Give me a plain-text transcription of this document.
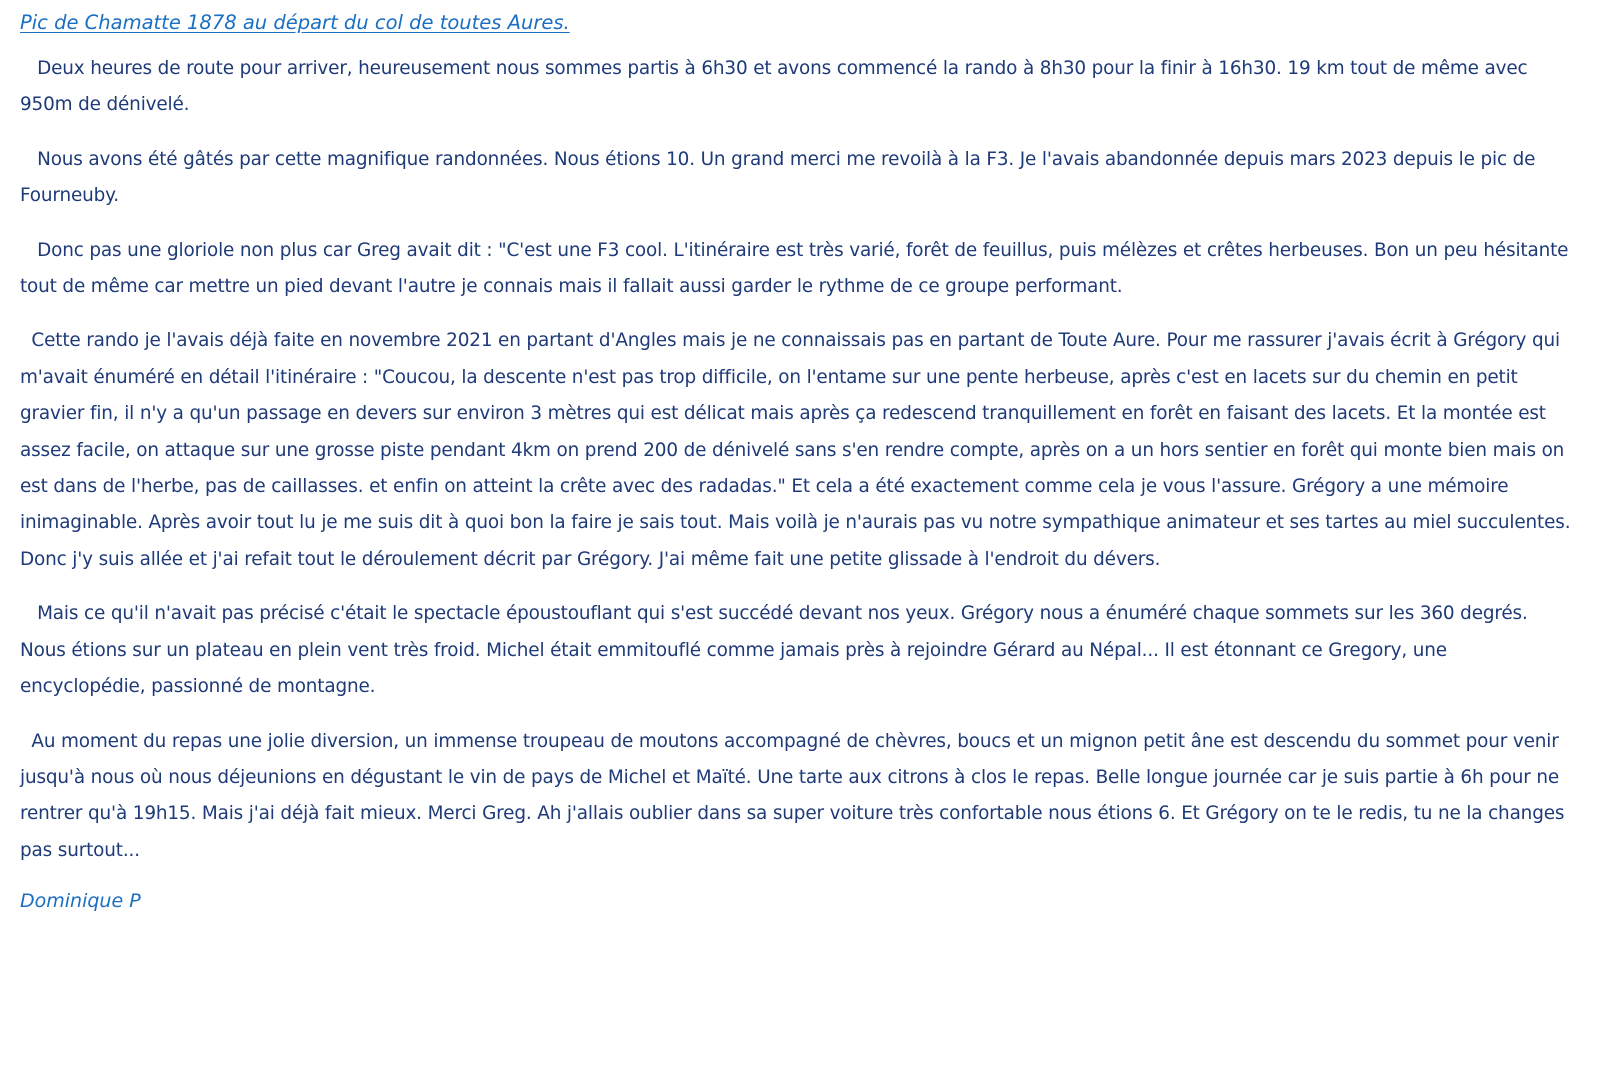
Pic de Chamatte 1878 au départ du col de toutes Aures.

Deux heures de route pour arriver, heureusement nous sommes partis à 6h30 et avons commencé la rando à 8h30 pour la finir à 16h30. 19 km tout de même avec 950m de dénivelé.

Nous avons été gâtés par cette magnifique randonnées. Nous étions 10. Un grand merci me revoilà à la F3. Je l'avais abandonnée depuis mars 2023 depuis le pic de Fourneuby.

Donc pas une gloriole non plus car Greg avait dit : "C'est une F3 cool. L'itinéraire est très varié, forêt de feuillus, puis mélèzes et crêtes herbeuses. Bon un peu hésitante tout de même car mettre un pied devant l'autre je connais mais il fallait aussi garder le rythme de ce groupe performant.

Cette rando je l'avais déjà faite en novembre 2021 en partant d'Angles mais je ne connaissais pas en partant de Toute Aure. Pour me rassurer j'avais écrit à Grégory qui m'avait énuméré en détail l'itinéraire : "Coucou, la descente n'est pas trop difficile, on l'entame sur une pente herbeuse, après c'est en lacets sur du chemin en petit gravier fin, il n'y a qu'un passage en devers sur environ 3 mètres qui est délicat mais après ça redescend tranquillement en forêt en faisant des lacets. Et la montée est assez facile, on attaque sur une grosse piste pendant 4km on prend 200 de dénivelé sans s'en rendre compte, après on a un hors sentier en forêt qui monte bien mais on est dans de l'herbe, pas de caillasses. et enfin on atteint la crête avec des radadas." Et cela a été exactement comme cela je vous l'assure. Grégory a une mémoire inimaginable. Après avoir tout lu je me suis dit à quoi bon la faire je sais tout. Mais voilà je n'aurais pas vu notre sympathique animateur et ses tartes au miel succulentes. Donc j'y suis allée et j'ai refait tout le déroulement décrit par Grégory. J'ai même fait une petite glissade à l'endroit du dévers.

Mais ce qu'il n'avait pas précisé c'était le spectacle époustouflant qui s'est succédé devant nos yeux. Grégory nous a énuméré chaque sommets sur les 360 degrés. Nous étions sur un plateau en plein vent très froid. Michel était emmitouflé comme jamais près à rejoindre Gérard au Népal... Il est étonnant ce Gregory, une encyclopédie, passionné de montagne.

Au moment du repas une jolie diversion, un immense troupeau de moutons accompagné de chèvres, boucs et un mignon petit âne est descendu du sommet pour venir jusqu'à nous où nous déjeunions en dégustant le vin de pays de Michel et Maïté. Une tarte aux citrons à clos le repas. Belle longue journée car je suis partie à 6h pour ne rentrer qu'à 19h15. Mais j'ai déjà fait mieux. Merci Greg. Ah j'allais oublier dans sa super voiture très confortable nous étions 6. Et Grégory on te le redis, tu ne la changes pas surtout...

Dominique P
